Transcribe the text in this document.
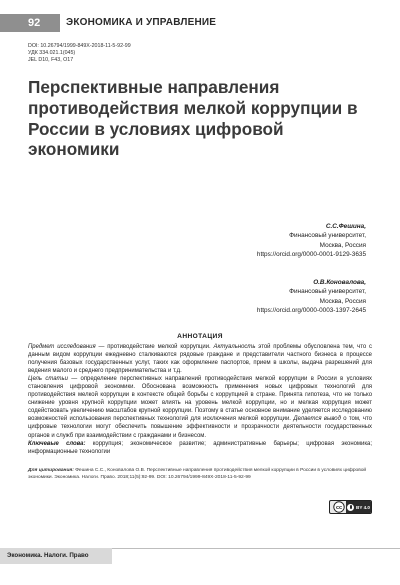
92	ЭКОНОМИКА И УПРАВЛЕНИЕ
DOI: 10.26794/1999-849X-2018-11-5-92-99
УДК 334.021.1(045)
JEL D10, F43, O17
Перспективные направления противодействия мелкой коррупции в России в условиях цифровой экономики
С.С.Фешина,
Финансовый университет,
Москва, Россия
https://orcid.org/0000-0001-9129-3635
О.В.Коновалова,
Финансовый университет,
Москва, Россия
https://orcid.org/0000-0003-1397-2645
АННОТАЦИЯ

Предмет исследования — противодействие мелкой коррупции. Актуальность этой проблемы обусловлена тем, что с данным видом коррупции ежедневно сталкиваются рядовые граждане и представители частного бизнеса в процессе получения базовых государственных услуг, таких как оформление паспортов, прием в школы, выдача разрешений для ведения малого и среднего предпринимательства и т.д.

Цель статьи — определение перспективных направлений противодействия мелкой коррупции в России в условиях становления цифровой экономики. Обоснована возможность применения новых цифровых технологий для противодействия мелкой коррупции в контексте общей борьбы с коррупцией в стране. Принята гипотеза, что не только снижение уровня крупной коррупции может влиять на уровень мелкой коррупции, но и мелкая коррупция может содействовать увеличению масштабов крупной коррупции. Поэтому в статье основное внимание уделяется исследованию возможностей использования перспективных технологий для исключения мелкой коррупции. Делается вывод о том, что цифровые технологии могут обеспечить повышение эффективности и прозрачности деятельности государственных органов и служб при взаимодействии с гражданами и бизнесом.

Ключевые слова: коррупция; экономическое развитие; административные барьеры; цифровая экономика; информационные технологии

Для цитирования: Фешина С.С., Коновалова О.В. Перспективные направления противодействия мелкой коррупции в России в условиях цифровой экономики. Экономика. Налоги. Право. 2018;11(5):92-99. DOI: 10.26794/1999-849X-2018-11-5-92-99
cc	BY 4.0
Экономика. Налоги. Право
